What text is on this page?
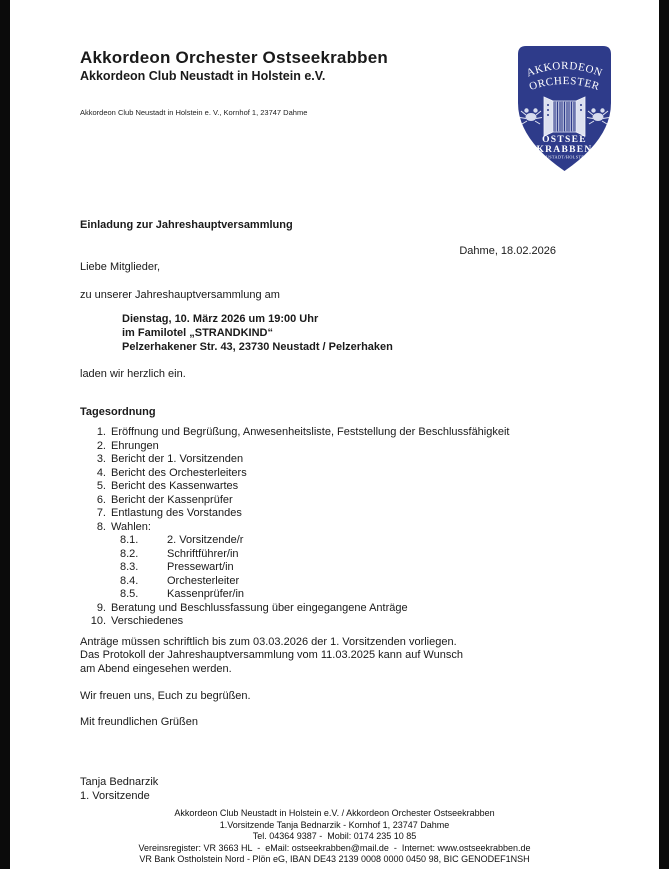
AKKORDEON
ORCHESTER
OSTSEE
KRABBEN
NEUSTADT/HOLSTEIN
Akkordeon Orchester Ostseekrabben
Akkordeon Club Neustadt in Holstein e.V.
Akkordeon Club Neustadt in Holstein e. V., Kornhof 1, 23747 Dahme
Einladung zur Jahreshauptversammlung
Dahme, 18.02.2026
Liebe Mitglieder,
zu unserer Jahreshauptversammlung am
Dienstag, 10. März 2026 um 19:00 Uhr
im Familotel „STRANDKIND“
Pelzerhakener Str. 43, 23730 Neustadt / Pelzerhaken
laden wir herzlich ein.
Tagesordnung
1. Eröffnung und Begrüßung, Anwesenheitsliste, Feststellung der Beschlussfähigkeit
2. Ehrungen
3. Bericht der 1. Vorsitzenden
4. Bericht des Orchesterleiters
5. Bericht des Kassenwartes
6. Bericht der Kassenprüfer
7. Entlastung des Vorstandes
8. Wahlen:
8.1.	2. Vorsitzende/r
8.2.	Schriftführer/in
8.3.	Pressewart/in
8.4.	Orchesterleiter
8.5.	Kassenprüfer/in
9. Beratung und Beschlussfassung über eingegangene Anträge
10. Verschiedenes
Anträge müssen schriftlich bis zum 03.03.2026 der 1. Vorsitzenden vorliegen.
Das Protokoll der Jahreshauptversammlung vom 11.03.2025 kann auf Wunsch
am Abend eingesehen werden.
Wir freuen uns, Euch zu begrüßen.
Mit freundlichen Grüßen
Tanja Bednarzik
1. Vorsitzende
Akkordeon Club Neustadt in Holstein e.V. / Akkordeon Orchester Ostseekrabben
1.Vorsitzende Tanja Bednarzik - Kornhof 1, 23747 Dahme
Tel. 04364 9387 -  Mobil: 0174 235 10 85
Vereinsregister: VR 3663 HL  -  eMail: ostseekrabben@mail.de  -  Internet: www.ostseekrabben.de
VR Bank Ostholstein Nord - Plön eG, IBAN DE43 2139 0008 0000 0450 98, BIC GENODEF1NSH
